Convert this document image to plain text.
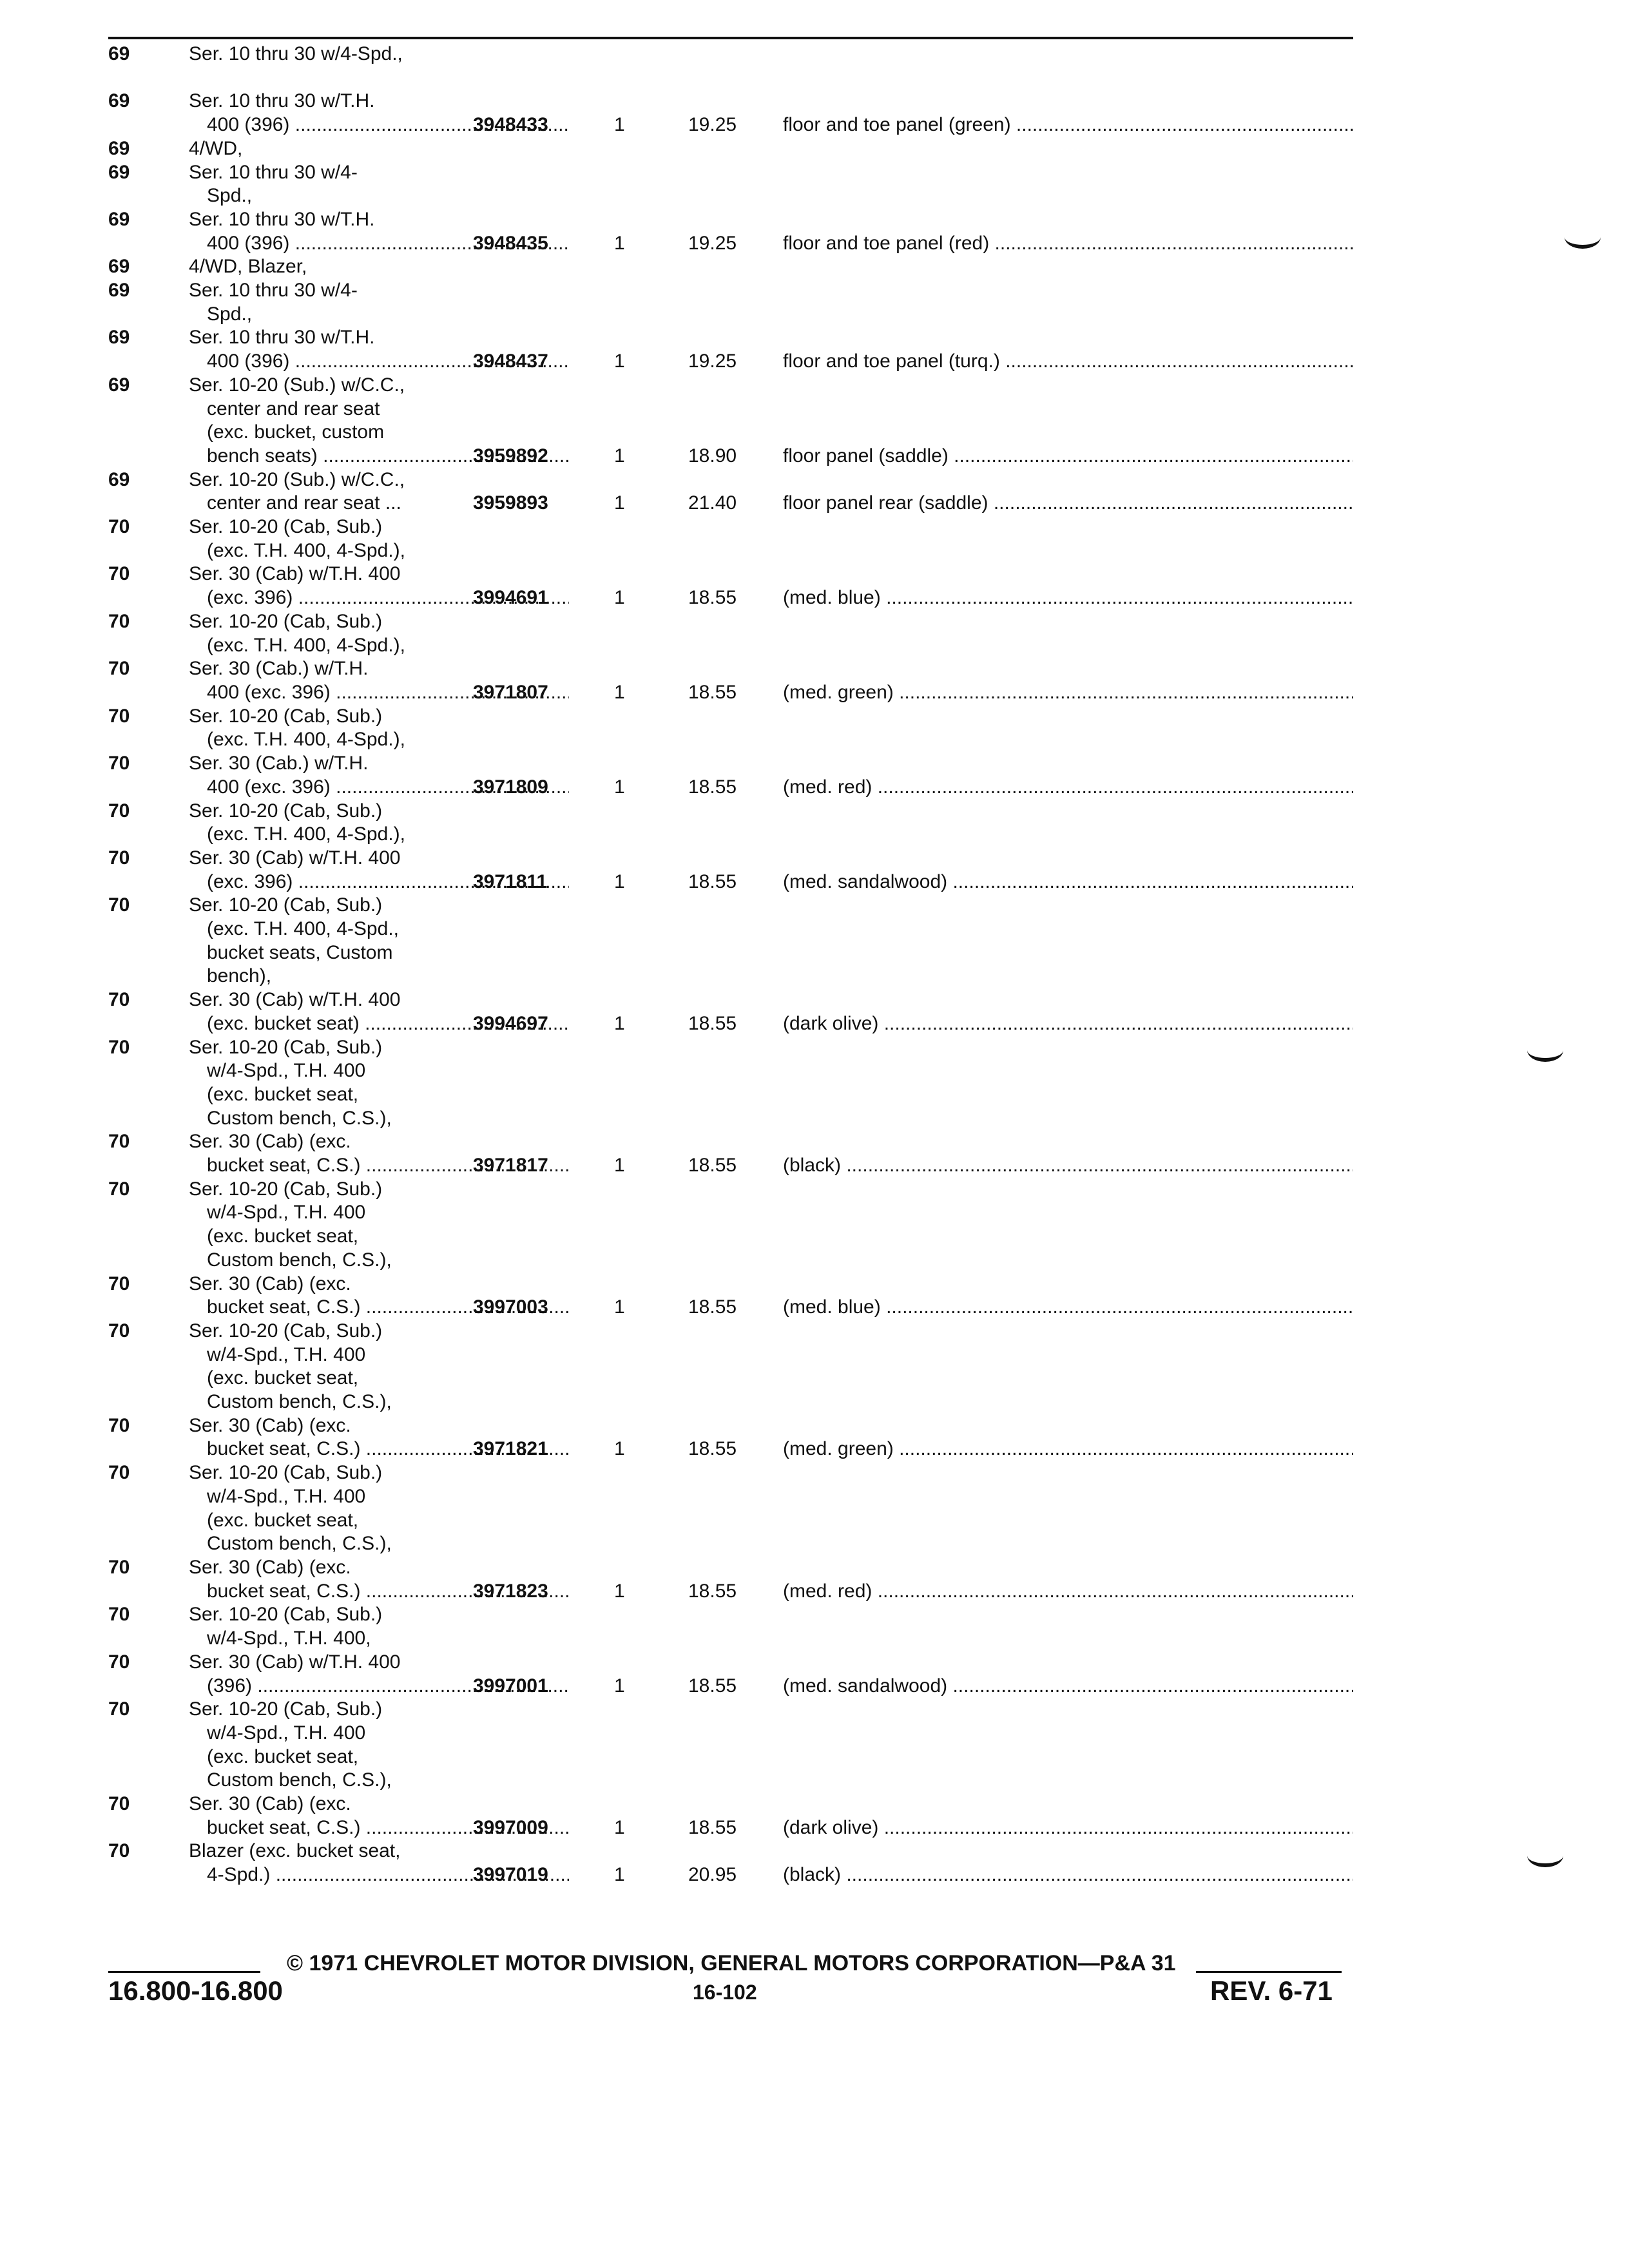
69	Ser. 10 thru 30 w/4-Spd.,

69	Ser. 10 thru 30 w/T.H.
400 (396) .....	3948433	1	19.25 floor and toe panel (green) .....
69	4/WD,
69	Ser. 10 thru 30 w/4-
Spd.,
69	Ser. 10 thru 30 w/T.H.
400 (396) .....	3948435	1	19.25 floor and toe panel (red) .....
69	4/WD, Blazer,
69	Ser. 10 thru 30 w/4-
Spd.,
69	Ser. 10 thru 30 w/T.H.
400 (396) .....	3948437	1	19.25 floor and toe panel (turq.) .....
69	Ser. 10-20 (Sub.) w/C.C.,
center and rear seat
(exc. bucket, custom
bench seats) .....	3959892	1	18.90 floor panel (saddle) .....
69	Ser. 10-20 (Sub.) w/C.C.,
center and rear seat ...	3959893	1	21.40 floor panel rear (saddle) .....
70	Ser. 10-20 (Cab, Sub.)
(exc. T.H. 400, 4-Spd.),
70	Ser. 30 (Cab) w/T.H. 400
(exc. 396) .....	3994691	1	18.55 (med. blue) .....
70	Ser. 10-20 (Cab, Sub.)
(exc. T.H. 400, 4-Spd.),
70	Ser. 30 (Cab.) w/T.H.
400 (exc. 396) .....	3971807	1	18.55 (med. green) .....
70	Ser. 10-20 (Cab, Sub.)
(exc. T.H. 400, 4-Spd.),
70	Ser. 30 (Cab.) w/T.H.
400 (exc. 396) .....	3971809	1	18.55 (med. red) .....
70	Ser. 10-20 (Cab, Sub.)
(exc. T.H. 400, 4-Spd.),
70	Ser. 30 (Cab) w/T.H. 400
(exc. 396) .....	3971811	1	18.55 (med. sandalwood) .....
70	Ser. 10-20 (Cab, Sub.)
(exc. T.H. 400, 4-Spd.,
bucket seats, Custom
bench),
70	Ser. 30 (Cab) w/T.H. 400
(exc. bucket seat) .....	3994697	1	18.55 (dark olive) .....
70	Ser. 10-20 (Cab, Sub.)
w/4-Spd., T.H. 400
(exc. bucket seat,
Custom bench, C.S.),
70	Ser. 30 (Cab) (exc.
bucket seat, C.S.) .....	3971817	1	18.55 (black) .....
70	Ser. 10-20 (Cab, Sub.)
w/4-Spd., T.H. 400
(exc. bucket seat,
Custom bench, C.S.),
70	Ser. 30 (Cab) (exc.
bucket seat, C.S.) .....	3997003	1	18.55 (med. blue) .....
70	Ser. 10-20 (Cab, Sub.)
w/4-Spd., T.H. 400
(exc. bucket seat,
Custom bench, C.S.),
70	Ser. 30 (Cab) (exc.
bucket seat, C.S.) .....	3971821	1	18.55 (med. green) .....
70	Ser. 10-20 (Cab, Sub.)
w/4-Spd., T.H. 400
(exc. bucket seat,
Custom bench, C.S.),
70	Ser. 30 (Cab) (exc.
bucket seat, C.S.) .....	3971823	1	18.55 (med. red) .....
70	Ser. 10-20 (Cab, Sub.)
w/4-Spd., T.H. 400,
70	Ser. 30 (Cab) w/T.H. 400
(396) .....	3997001	1	18.55 (med. sandalwood) .....
70	Ser. 10-20 (Cab, Sub.)
w/4-Spd., T.H. 400
(exc. bucket seat,
Custom bench, C.S.),
70	Ser. 30 (Cab) (exc.
bucket seat, C.S.) .....	3997009	1	18.55 (dark olive) .....
70	Blazer (exc. bucket seat,
4-Spd.) .....	3997019	1	20.95 (black) .....
© 1971 CHEVROLET MOTOR DIVISION, GENERAL MOTORS CORPORATION—P&A 31
16.800-16.800	16-102	REV. 6-71
